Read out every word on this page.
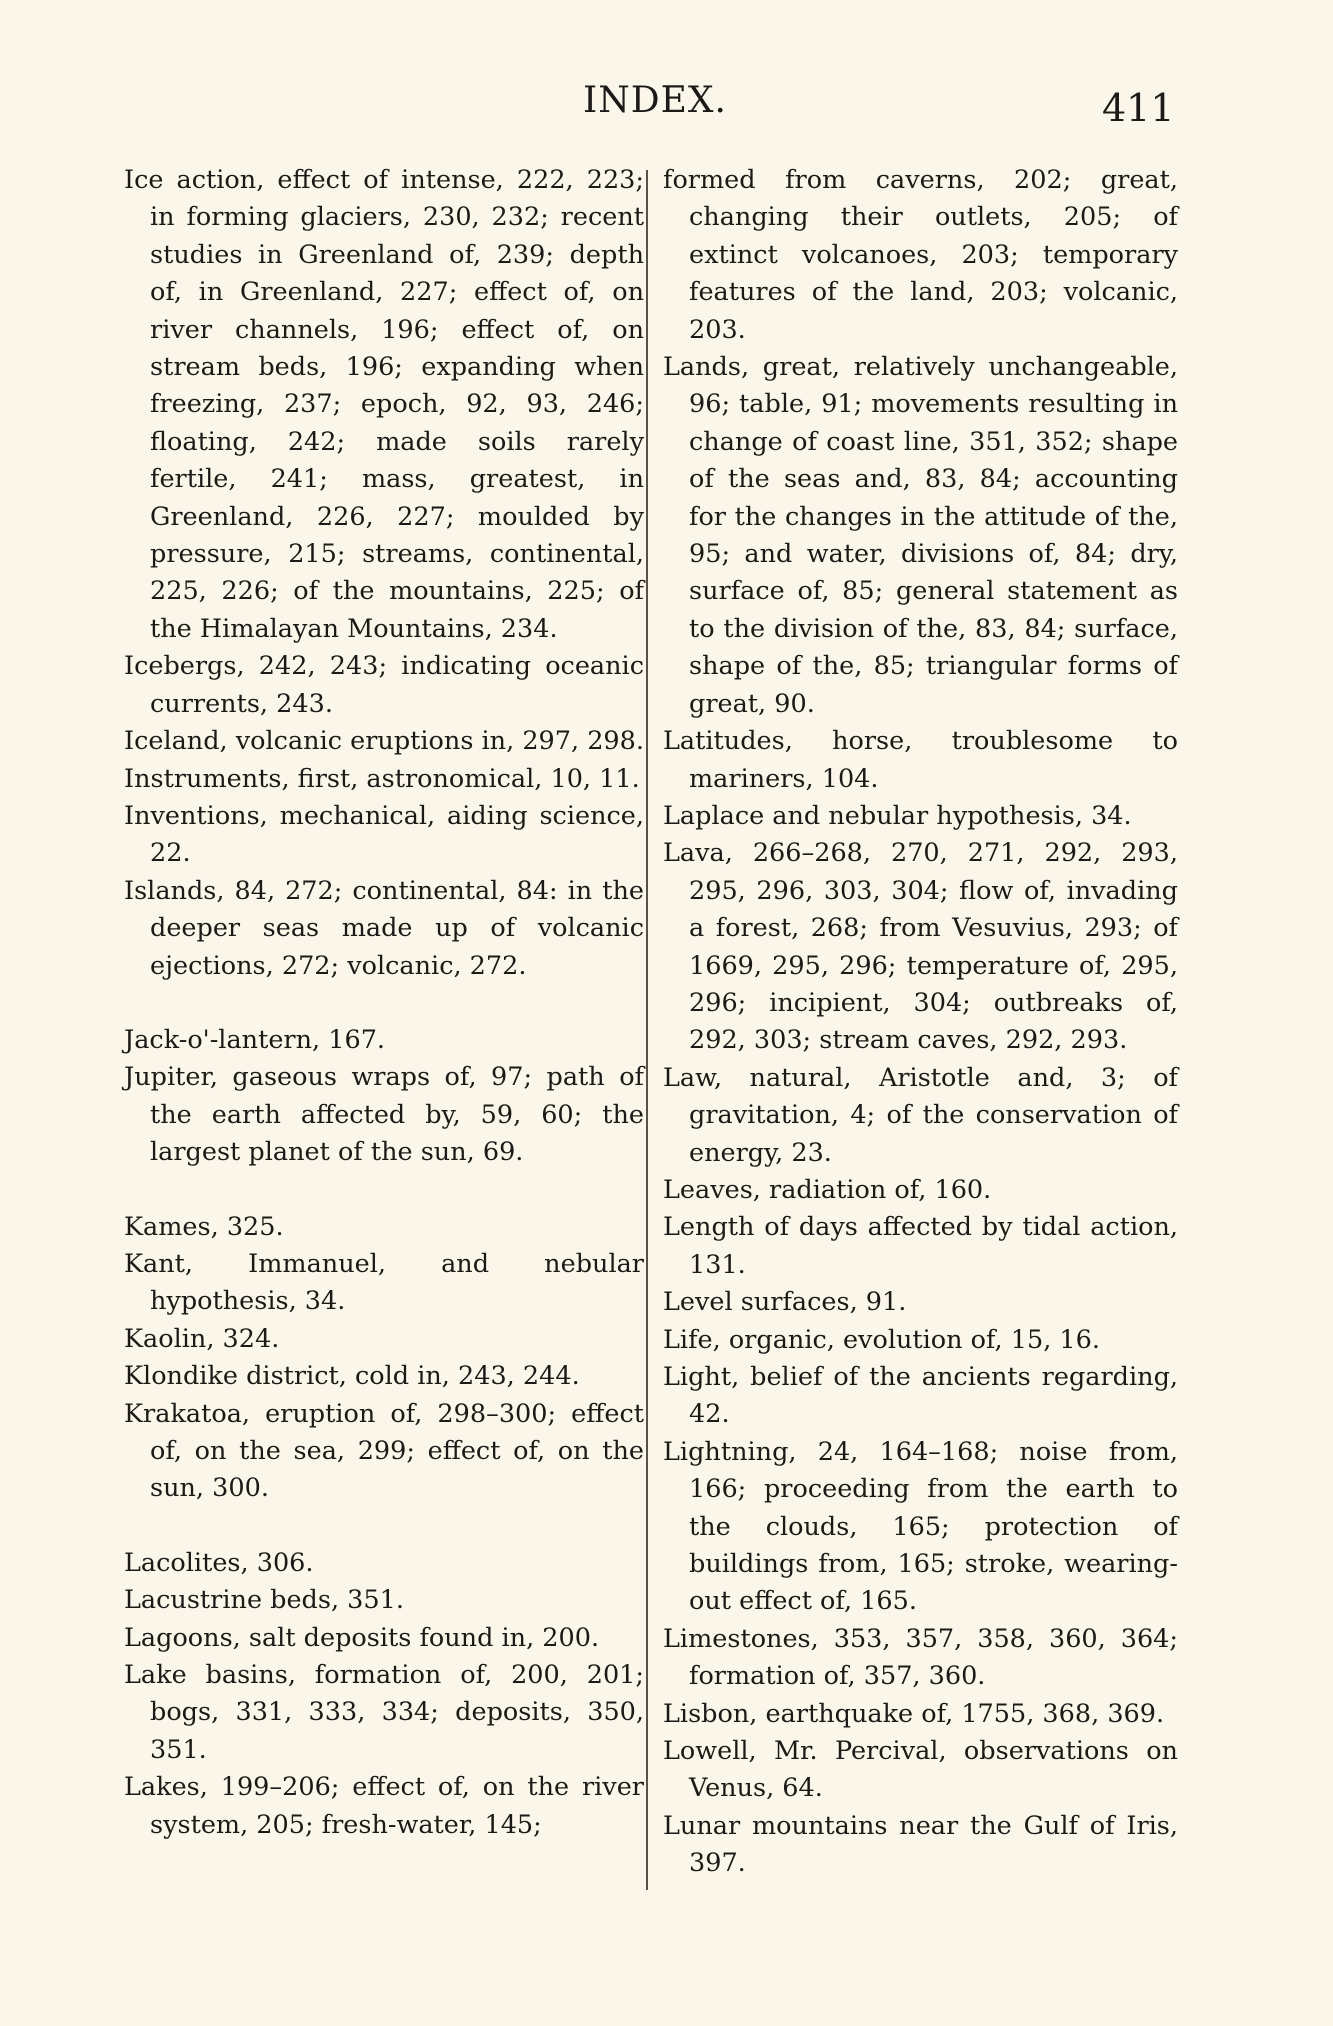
INDEX.	411

Ice action, effect of intense, 222, 223; in forming glaciers, 230, 232; recent studies in Greenland of, 239; depth of, in Greenland, 227; effect of, on river channels, 196; effect of, on stream beds, 196; expanding when freezing, 237; epoch, 92, 93, 246; floating, 242; made soils rarely fertile, 241; mass, greatest, in Greenland, 226, 227; moulded by pressure, 215; streams, continental, 225, 226; of the mountains, 225; of the Himalayan Mountains, 234.

Icebergs, 242, 243; indicating oceanic currents, 243.

Iceland, volcanic eruptions in, 297, 298.

Instruments, first, astronomical, 10, 11.

Inventions, mechanical, aiding science, 22.

Islands, 84, 272; continental, 84: in the deeper seas made up of volcanic ejections, 272; volcanic, 272.

Jack-o'-lantern, 167.

Jupiter, gaseous wraps of, 97; path of the earth affected by, 59, 60; the largest planet of the sun, 69.

Kames, 325.

Kant, Immanuel, and nebular hypothesis, 34.

Kaolin, 324.

Klondike district, cold in, 243, 244.

Krakatoa, eruption of, 298–300; effect of, on the sea, 299; effect of, on the sun, 300.

Lacolites, 306.

Lacustrine beds, 351.

Lagoons, salt deposits found in, 200.

Lake basins, formation of, 200, 201; bogs, 331, 333, 334; deposits, 350, 351.

Lakes, 199–206; effect of, on the river system, 205; fresh-water, 145;

formed from caverns, 202; great, changing their outlets, 205; of extinct volcanoes, 203; temporary features of the land, 203; volcanic, 203.

Lands, great, relatively unchangeable, 96; table, 91; movements resulting in change of coast line, 351, 352; shape of the seas and, 83, 84; accounting for the changes in the attitude of the, 95; and water, divisions of, 84; dry, surface of, 85; general statement as to the division of the, 83, 84; surface, shape of the, 85; triangular forms of great, 90.

Latitudes, horse, troublesome to mariners, 104.

Laplace and nebular hypothesis, 34.

Lava, 266–268, 270, 271, 292, 293, 295, 296, 303, 304; flow of, invading a forest, 268; from Vesuvius, 293; of 1669, 295, 296; temperature of, 295, 296; incipient, 304; outbreaks of, 292, 303; stream caves, 292, 293.

Law, natural, Aristotle and, 3; of gravitation, 4; of the conservation of energy, 23.

Leaves, radiation of, 160.

Length of days affected by tidal action, 131.

Level surfaces, 91.

Life, organic, evolution of, 15, 16.

Light, belief of the ancients regarding, 42.

Lightning, 24, 164–168; noise from, 166; proceeding from the earth to the clouds, 165; protection of buildings from, 165; stroke, wearing-out effect of, 165.

Limestones, 353, 357, 358, 360, 364; formation of, 357, 360.

Lisbon, earthquake of, 1755, 368, 369.

Lowell, Mr. Percival, observations on Venus, 64.

Lunar mountains near the Gulf of Iris, 397.
